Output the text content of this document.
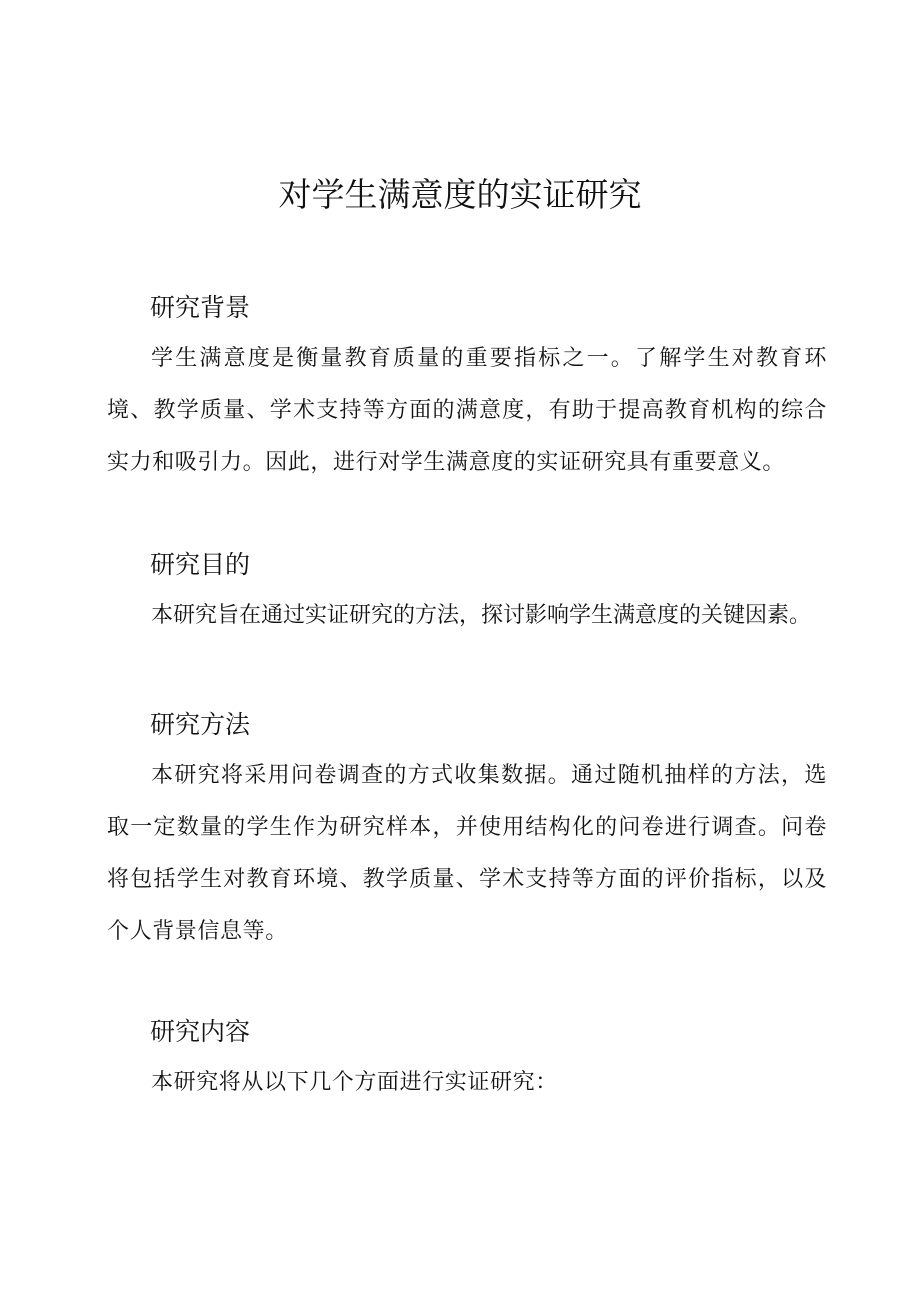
对学生满意度的实证研究
研究背景

学生满意度是衡量教育质量的重要指标之一。了解学生对教育环境、教学质量、学术支持等方面的满意度，有助于提高教育机构的综合实力和吸引力。因此，进行对学生满意度的实证研究具有重要意义。

研究目的

本研究旨在通过实证研究的方法，探讨影响学生满意度的关键因素。

研究方法

本研究将采用问卷调查的方式收集数据。通过随机抽样的方法，选取一定数量的学生作为研究样本，并使用结构化的问卷进行调查。问卷将包括学生对教育环境、教学质量、学术支持等方面的评价指标，以及个人背景信息等。

研究内容

本研究将从以下几个方面进行实证研究：
